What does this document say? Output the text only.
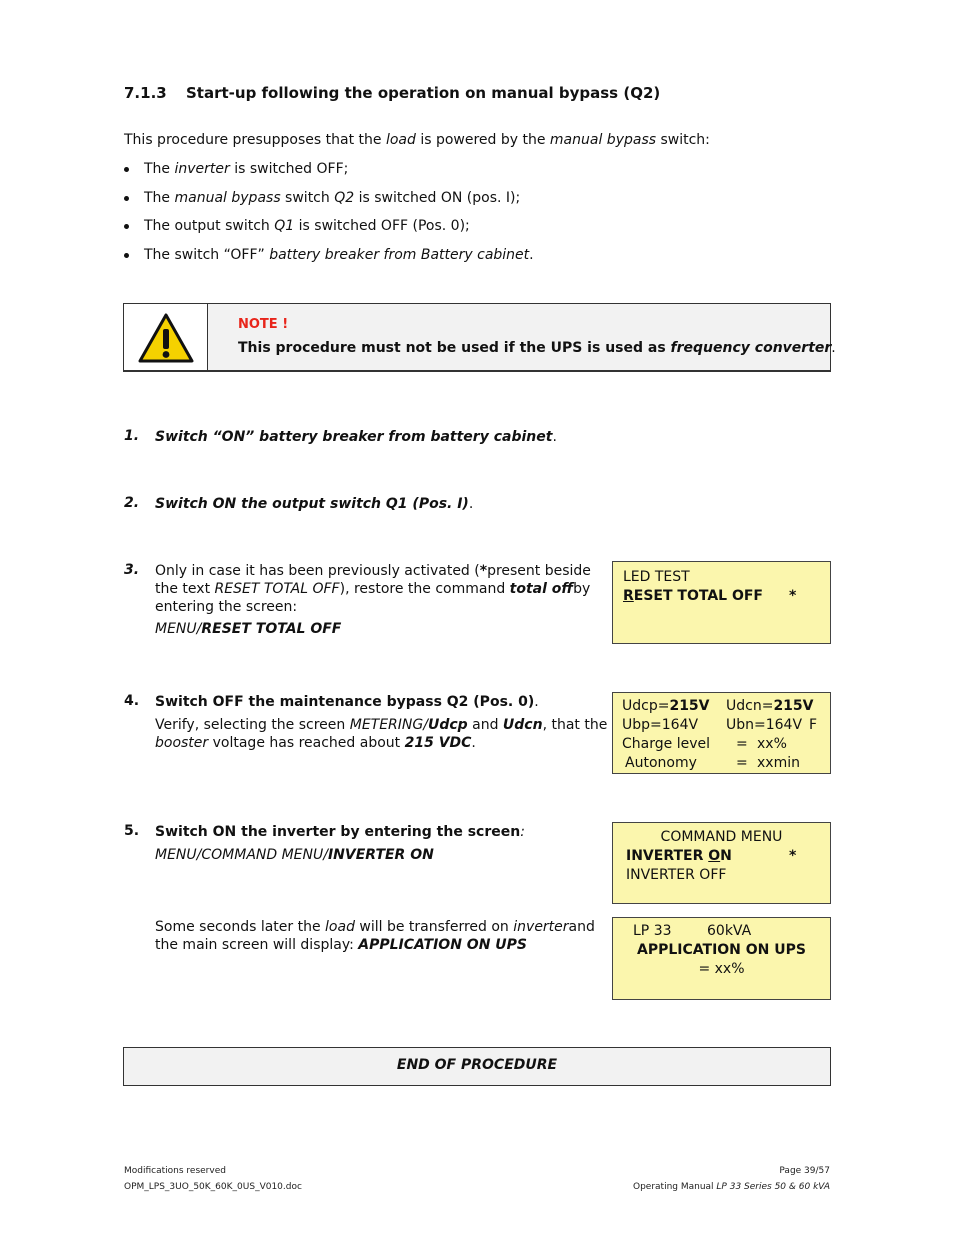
7.1.3 Start-up following the operation on manual bypass (Q2)
This procedure presupposes that the load is powered by the manual bypass switch:
The inverter is switched OFF;
The manual bypass switch Q2 is switched ON (pos. I);
The output switch Q1 is switched OFF (Pos. 0);
The switch “OFF” battery breaker from Battery cabinet.
NOTE !
This procedure must not be used if the UPS is used as frequency converter.
1. Switch “ON” battery breaker from battery cabinet.
2. Switch ON the output switch Q1 (Pos. I).
3. Only in case it has been previously activated (* present beside
the text RESET TOTAL OFF), restore the command total off by
entering the screen:
MENU/RESET TOTAL OFF
LED TEST
RESET TOTAL OFF *
4. Switch OFF the maintenance bypass Q2 (Pos. 0).
Verify, selecting the screen METERING/Udcp and Udcn , that the
booster voltage has reached about 215 VDC.
Udcp=215V Udcn=215V
Ubp=164V Ubn=164V F
Charge level = xx%
Autonomy	= xxmin
5. Switch ON the inverter by entering the screen:
MENU/COMMAND MENU/INVERTER ON
Some seconds later the load will be transferred on inverter and
the main screen will display: APPLICATION ON UPS
COMMAND MENU
INVERTER ON	*
INVERTER OFF
LP 33	60kVA
APPLICATION ON UPS
= xx%
END OF PROCEDURE
Modifications reserved
OPM_LPS_3UO_50K_60K_0US_V010.doc
Page 39/57
Operating Manual LP 33 Series 50 & 60 kVA
